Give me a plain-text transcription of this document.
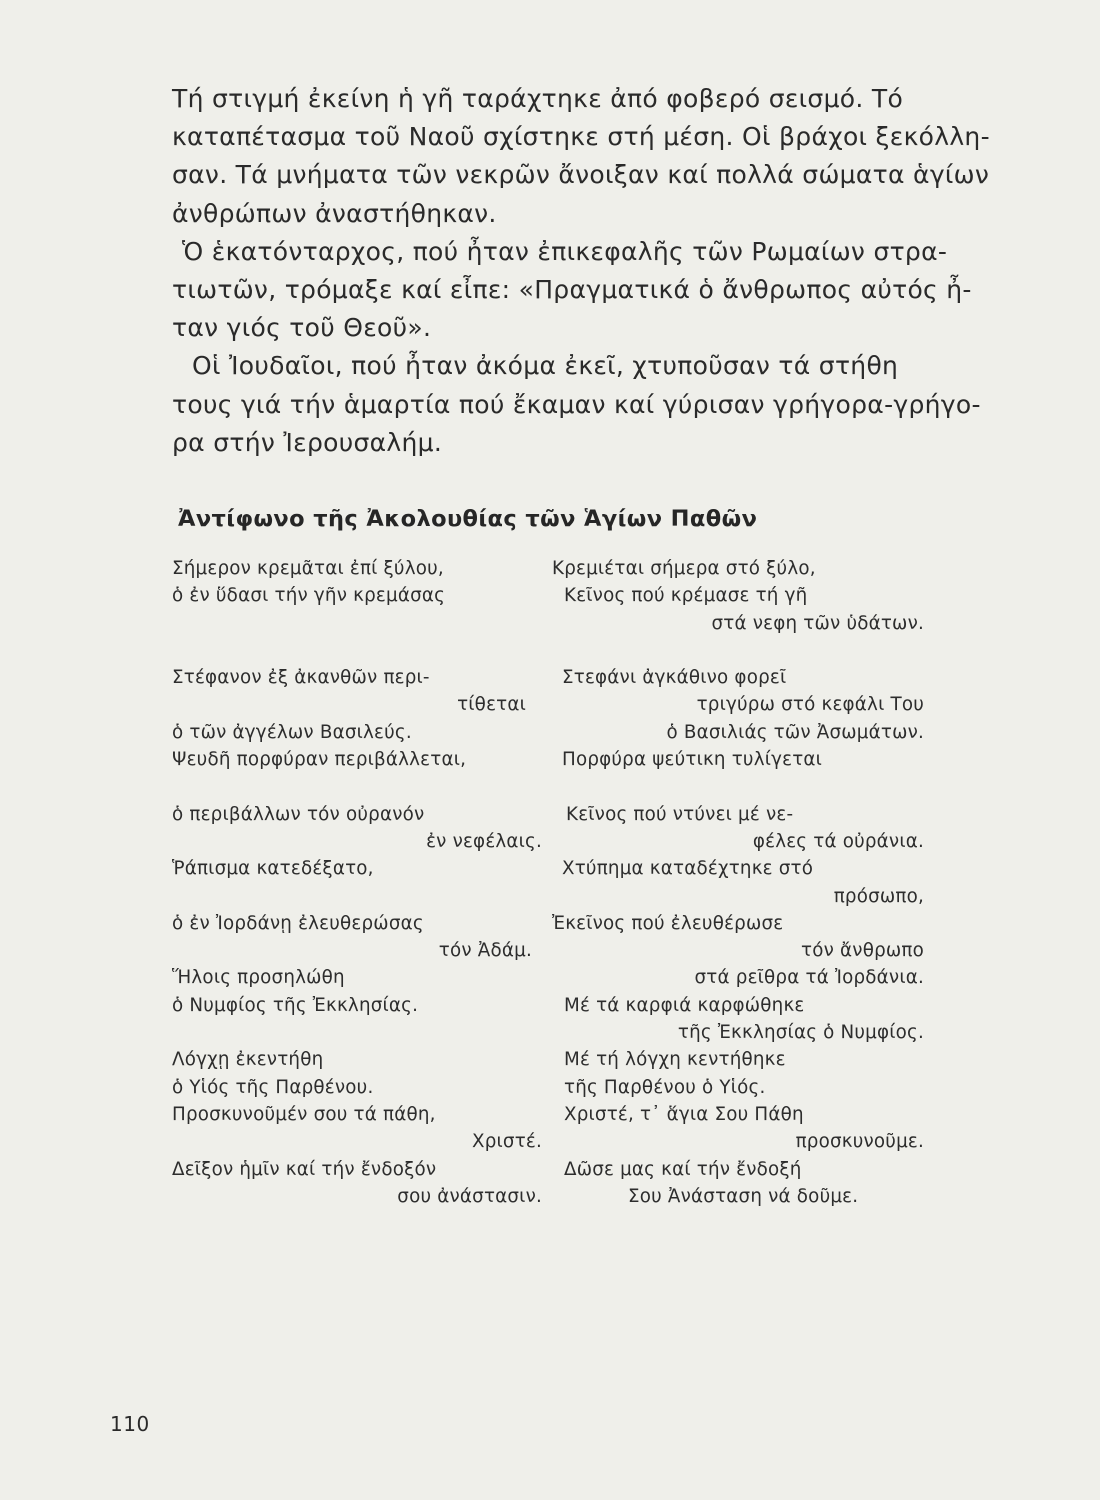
Τή στιγμή ἐκείνη ἡ γῆ ταράχτηκε ἀπό φοβερό σεισμό. Τό
καταπέτασμα τοῦ Ναοῦ σχίστηκε στή μέση. Οἱ βράχοι ξεκόλλη-
σαν. Τά μνήματα τῶν νεκρῶν ἄνοιξαν καί πολλά σώματα ἁγίων
ἀνθρώπων ἀναστήθηκαν.
Ὁ ἑκατόνταρχος, πού ἦταν ἐπικεφαλῆς τῶν Ρωμαίων στρα-
τιωτῶν, τρόμαξε καί εἶπε: «Πραγματικά ὁ ἄνθρωπος αὐτός ἦ-
ταν γιός τοῦ Θεοῦ».
Οἱ Ἰουδαῖοι, πού ἦταν ἀκόμα ἐκεῖ, χτυποῦσαν τά στήθη
τους γιά τήν ἁμαρτία πού ἔκαμαν καί γύρισαν γρήγορα-γρήγο-
ρα στήν Ἰερουσαλήμ.
Ἀντίφωνο τῆς Ἀκολουθίας τῶν Ἁγίων Παθῶν
Σήμερον κρεμᾶται ἐπί ξύλου,
ὁ ἐν ὕδασι τήν γῆν κρεμάσας
Στέφανον ἐξ ἀκανθῶν περι-
τίθεται
ὁ τῶν ἀγγέλων Βασιλεύς.
Ψευδῆ πορφύραν περιβάλλεται,
ὁ περιβάλλων τόν οὐρανόν
ἐν νεφέλαις.
Ῥάπισμα κατεδέξατο,
ὁ ἐν Ἰορδάνῃ ἐλευθερώσας
τόν Ἀδάμ.
Ἥλοις προσηλώθη
ὁ Νυμφίος τῆς Ἐκκλησίας.
Λόγχῃ ἐκεντήθη
ὁ Υἱός τῆς Παρθένου.
Προσκυνοῦμέν σου τά πάθη,
Χριστέ.
Δεῖξον ἡμῖν καί τήν ἔνδοξόν
σου ἀνάστασιν.
Κρεμιέται σήμερα στό ξύλο,
Κεῖνος πού κρέμασε τή γῆ
στά νεφη τῶν ὑδάτων.
Στεφάνι ἀγκάθινο φορεῖ
τριγύρω στό κεφάλι Του
ὁ Βασιλιάς τῶν Ἀσωμάτων.
Πορφύρα ψεύτικη τυλίγεται
Κεῖνος πού ντύνει μέ νε-
φέλες τά οὐράνια.
Χτύπημα καταδέχτηκε στό
πρόσωπο,
Ἐκεῖνος πού ἐλευθέρωσε
τόν ἄνθρωπο
στά ρεῖθρα τά Ἰορδάνια.
Μέ τά καρφιά καρφώθηκε
τῆς Ἐκκλησίας ὁ Νυμφίος.
Μέ τή λόγχη κεντήθηκε
τῆς Παρθένου ὁ Υἱός.
Χριστέ, τ᾿ ἅγια Σου Πάθη
προσκυνοῦμε.
Δῶσε μας καί τήν ἔνδοξή
Σου Ἀνάσταση νά δοῦμε.
110
